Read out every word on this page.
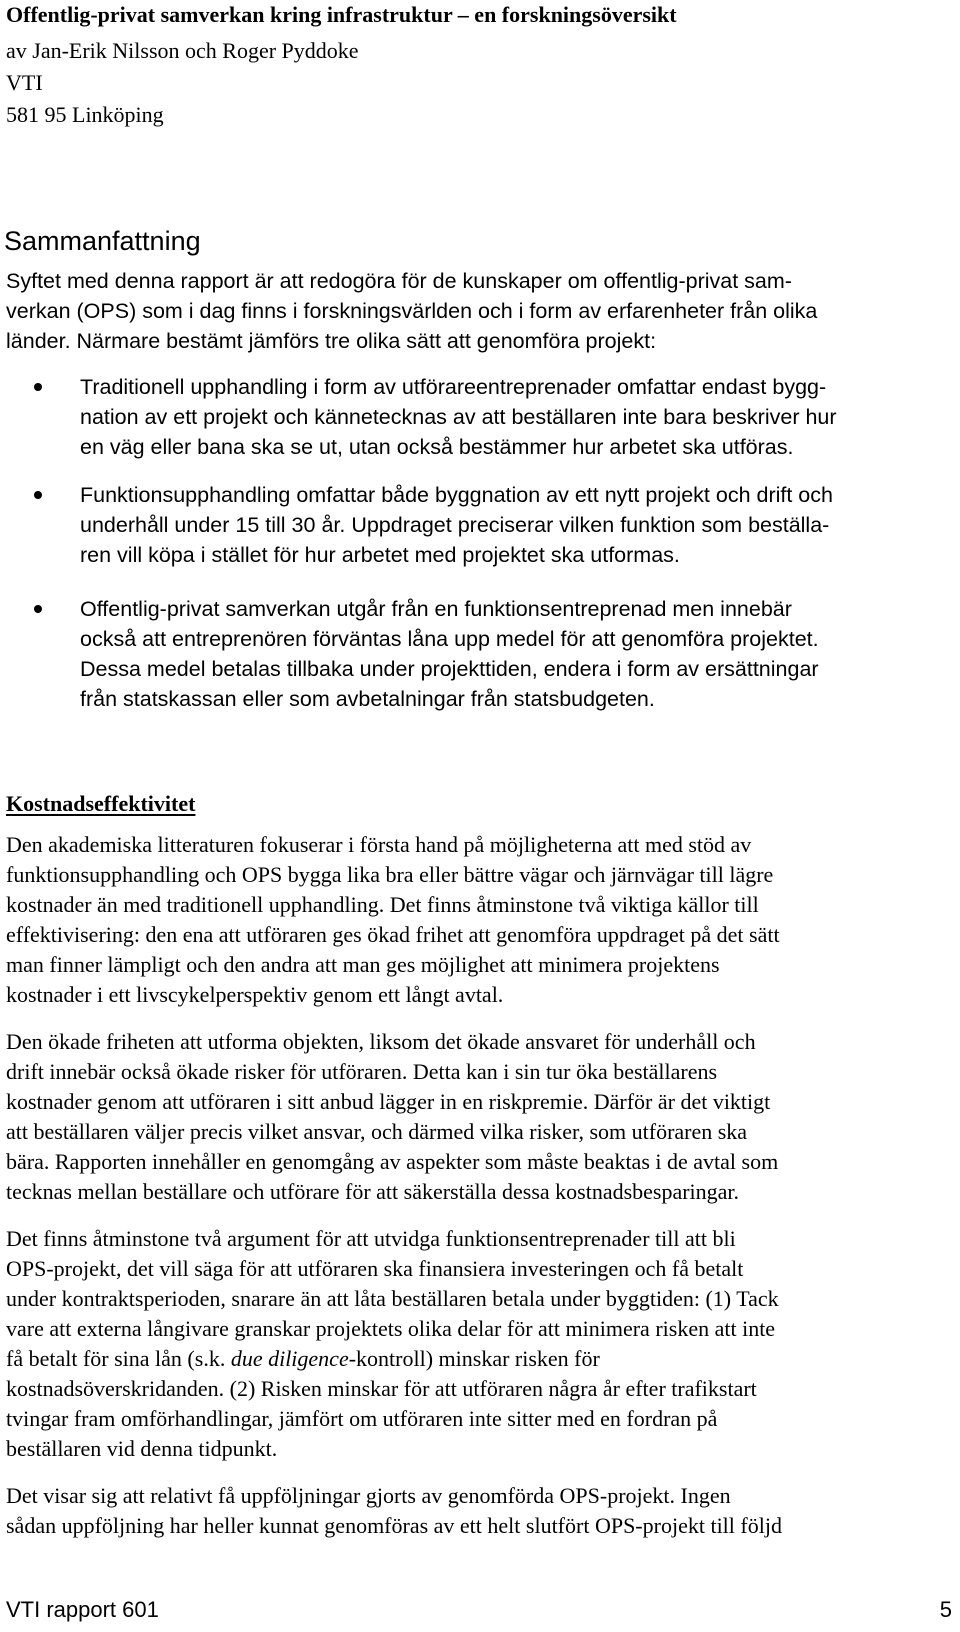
Offentlig-privat samverkan kring infrastruktur – en forskningsöversikt

av Jan-Erik Nilsson och Roger Pyddoke

VTI

581 95 Linköping

Sammanfattning

Syftet med denna rapport är att redogöra för de kunskaper om offentlig-privat sam-

verkan (OPS) som i dag finns i forskningsvärlden och i form av erfarenheter från olika

länder. Närmare bestämt jämförs tre olika sätt att genomföra projekt:

Traditionell upphandling i form av utförareentreprenader omfattar endast bygg-

nation av ett projekt och kännetecknas av att beställaren inte bara beskriver hur

en väg eller bana ska se ut, utan också bestämmer hur arbetet ska utföras.

Funktionsupphandling omfattar både byggnation av ett nytt projekt och drift och

underhåll under 15 till 30 år. Uppdraget preciserar vilken funktion som beställa-

ren vill köpa i stället för hur arbetet med projektet ska utformas.

Offentlig-privat samverkan utgår från en funktionsentreprenad men innebär

också att entreprenören förväntas låna upp medel för att genomföra projektet.

Dessa medel betalas tillbaka under projekttiden, endera i form av ersättningar

från statskassan eller som avbetalningar från statsbudgeten.

Kostnadseffektivitet

Den akademiska litteraturen fokuserar i första hand på möjligheterna att med stöd av

funktionsupphandling och OPS bygga lika bra eller bättre vägar och järnvägar till lägre

kostnader än med traditionell upphandling. Det finns åtminstone två viktiga källor till

effektivisering: den ena att utföraren ges ökad frihet att genomföra uppdraget på det sätt

man finner lämpligt och den andra att man ges möjlighet att minimera projektens

kostnader i ett livscykelperspektiv genom ett långt avtal.

Den ökade friheten att utforma objekten, liksom det ökade ansvaret för underhåll och

drift innebär också ökade risker för utföraren. Detta kan i sin tur öka beställarens

kostnader genom att utföraren i sitt anbud lägger in en riskpremie. Därför är det viktigt

att beställaren väljer precis vilket ansvar, och därmed vilka risker, som utföraren ska

bära. Rapporten innehåller en genomgång av aspekter som måste beaktas i de avtal som

tecknas mellan beställare och utförare för att säkerställa dessa kostnadsbesparingar.

Det finns åtminstone två argument för att utvidga funktionsentreprenader till att bli

OPS-projekt, det vill säga för att utföraren ska finansiera investeringen och få betalt

under kontraktsperioden, snarare än att låta beställaren betala under byggtiden: (1) Tack

vare att externa långivare granskar projektets olika delar för att minimera risken att inte

få betalt för sina lån (s.k. due diligence-kontroll) minskar risken för

kostnadsöverskridanden. (2) Risken minskar för att utföraren några år efter trafikstart

tvingar fram omförhandlingar, jämfört om utföraren inte sitter med en fordran på

beställaren vid denna tidpunkt.

Det visar sig att relativt få uppföljningar gjorts av genomförda OPS-projekt. Ingen

sådan uppföljning har heller kunnat genomföras av ett helt slutfört OPS-projekt till följd

VTI rapport 601	5
